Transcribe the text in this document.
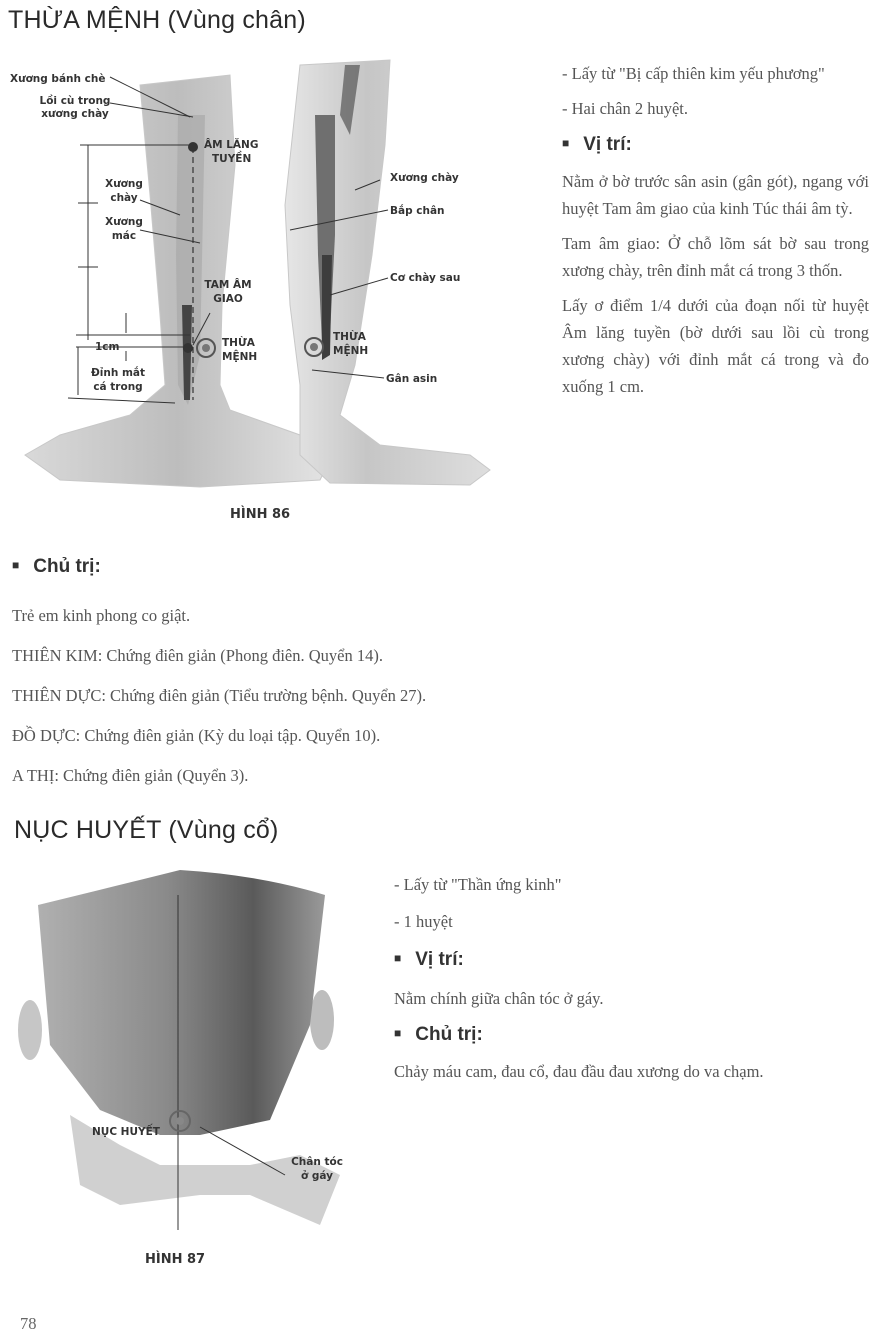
THỪA MỆNH (Vùng chân)
Xương bánh chè
Lồi cù trong
xương chày
ÂM LĂNG
TUYỀN
Xương
chày
Xương
mác
TAM ÂM
GIAO
1cm	THỪA
MỆNH
Đỉnh mắt
cá trong
Xương chày
Bắp chân
Cơ chày sau
THỪA
MỆNH
Gân asin
HÌNH 86

- Lấy từ "Bị cấp thiên kim yếu phương"

- Hai chân 2 huyệt.

■ Vị trí:

Nằm ở bờ trước sân asin (gân gót), ngang với huyệt Tam âm giao của kinh Túc thái âm tỳ.

Tam âm giao: Ở chỗ lõm sát bờ sau trong xương chày, trên đỉnh mắt cá trong 3 thốn.

Lấy ơ điểm 1/4 dưới của đoạn nối từ huyệt Âm lăng tuyền (bờ dưới sau lồi cù trong xương chày) với đỉnh mắt cá trong và đo xuống 1 cm.

■ Chủ trị:
Trẻ em kinh phong co giật.
THIÊN KIM: Chứng điên giản (Phong điên. Quyển 14).
THIÊN DỰC: Chứng điên giản (Tiểu trường bệnh. Quyển 27).
ĐỒ DỰC: Chứng điên giản (Kỳ du loại tập. Quyển 10).
A THỊ: Chứng điên giản (Quyển 3).
NỤC HUYẾT (Vùng cổ)
NỤC HUYẾT
Chân tóc
ở gáy
HÌNH 87

- Lấy từ "Thần ứng kinh"

- 1 huyệt

■ Vị trí:

Nằm chính giữa chân tóc ở gáy.

■ Chủ trị:

Chảy máu cam, đau cổ, đau đầu đau xương do va chạm.

78
